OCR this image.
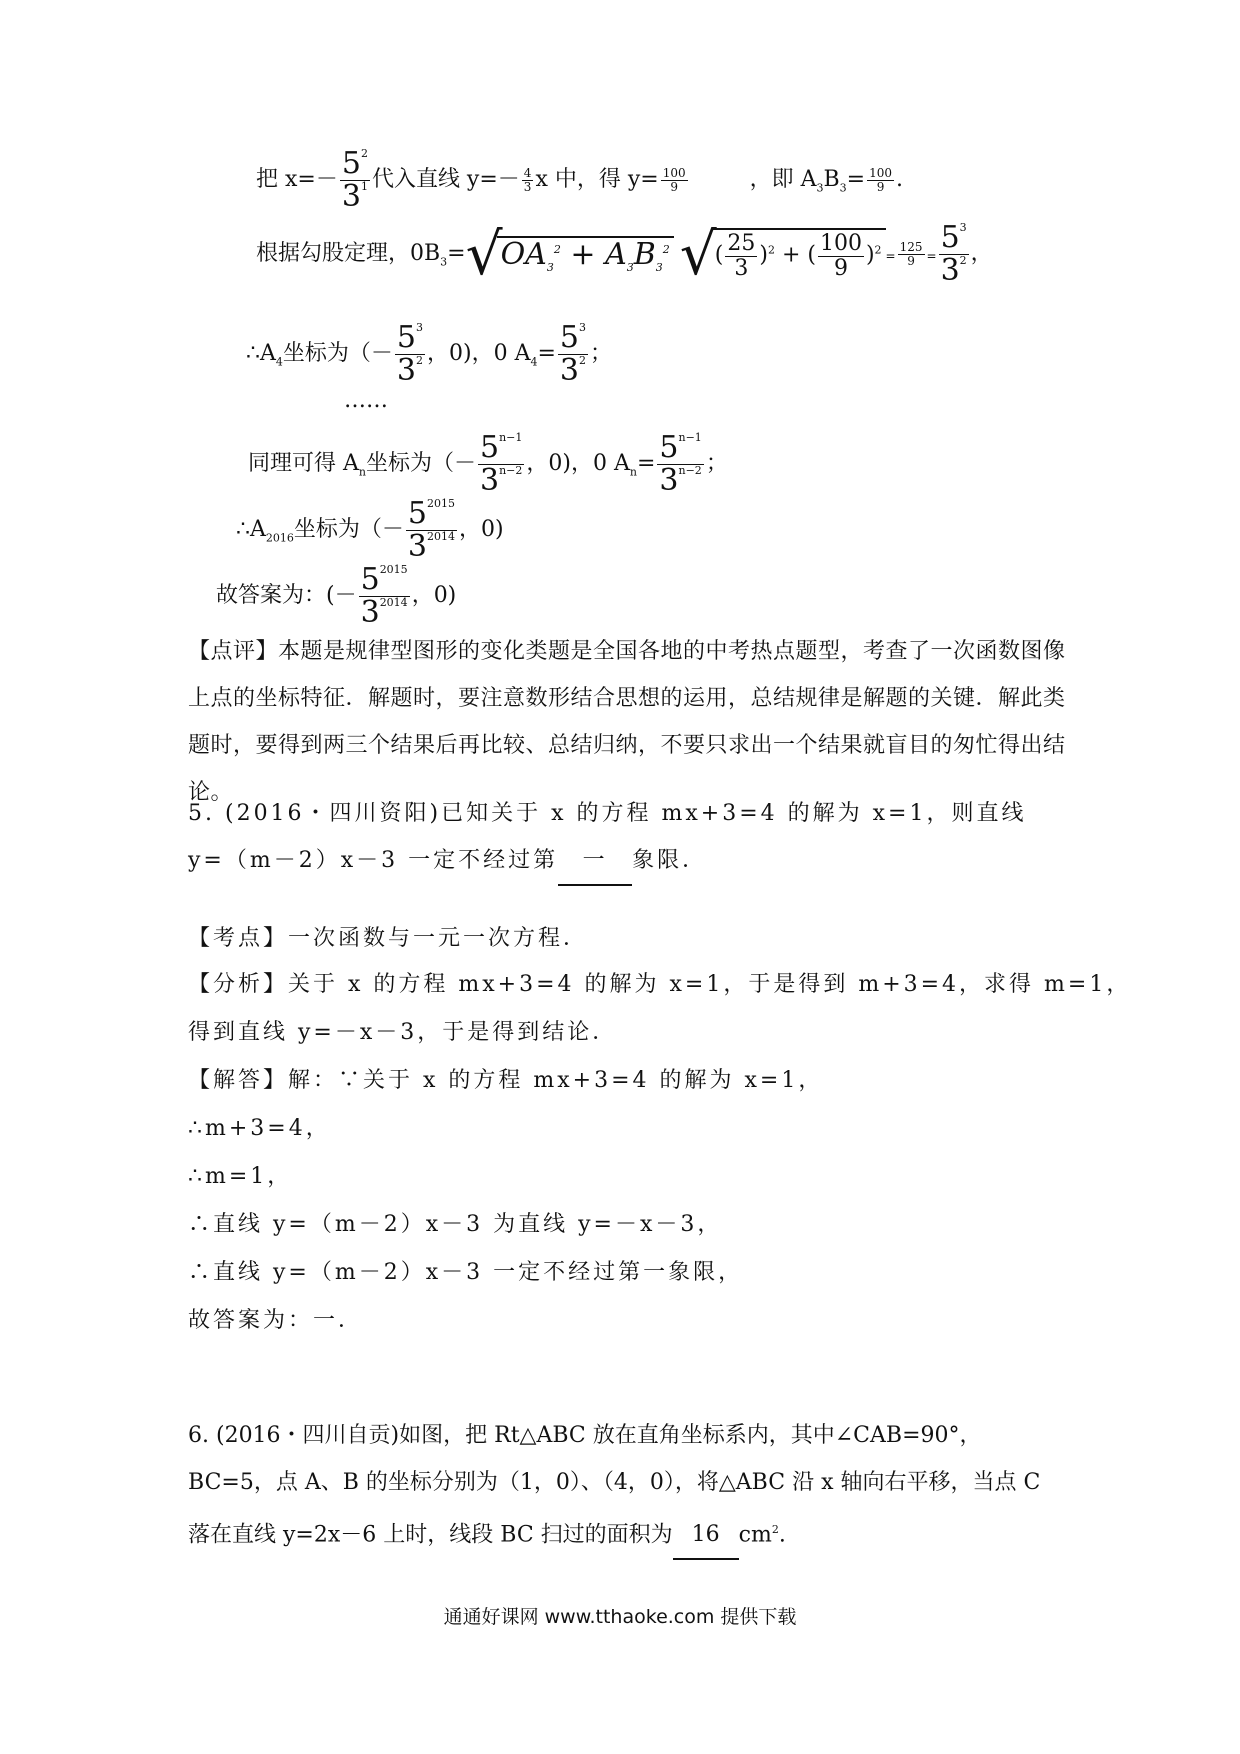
把 $x=- \frac{5^2}{3^1}$ 代入直线 $y=- \frac{4}{3}$ x 中，得 $y= \frac{100}{9}$	，即 $A_3B_3= \frac{100}{9}$ .
根据勾股定理，$0B_3=√OA_3^2 + A_3B_3^2$ √( $\frac{25}{3} )^2$ + ( $\frac{100}{9} )^2 = \frac{125}{9} = \frac{5^3}{3^2}$ ，
$\therefore A_4$坐标为（－ $\frac{5^3}{3^2}$ ，0)，0 $A_4= \frac{5^3}{3^2}$ ；
……
同理可得 $A_n$坐标为（－ $\frac{5^{n-1}}{3^{n-2}}$ ，0)，0 $A_n= \frac{5^{n-1}}{3^{n-2}}$ ；
$\therefore A_{2016}$坐标为（－ $\frac{5^{2015}}{3^{2014}}$ ，0)
故答案为：(－ $\frac{5^{2015}}{3^{2014}}$ ，0)
【点评】本题是规律型图形的变化类题是全国各地的中考热点题型，考查了一次函数图像上点的坐标特征．解题时，要注意数形结合思想的运用，总结规律是解题的关键．解此类题时，要得到两三个结果后再比较、总结归纳，不要只求出一个结果就盲目的匆忙得出结论。
5. (2016・四川资阳)已知关于 x 的方程 mx+3=4 的解为 x=1，则直线 y=（m－2）x－3 一定不经过第 一 象限．
【考点】一次函数与一元一次方程．
【分析】关于 x 的方程 mx+3=4 的解为 x=1，于是得到 m+3=4，求得 m=1，
得到直线 y=－x－3，于是得到结论．
【解答】解：∵关于 x 的方程 mx+3=4 的解为 x=1，
∴m+3=4，
∴m=1，
∴直线 y=（m－2）x－3 为直线 y=－x－3，
∴直线 y=（m－2）x－3 一定不经过第一象限，
故答案为：一．
6. (2016・四川自贡)如图，把 Rt△ABC 放在直角坐标系内，其中∠CAB=90°，BC=5，点 A、B 的坐标分别为（1，0）、（4，0），将△ABC 沿 x 轴向右平移，当点 C 落在直线 y=2x－6 上时，线段 BC 扫过的面积为 16 $cm^2$.
通通好课网 www.tthaoke.com 提供下载
